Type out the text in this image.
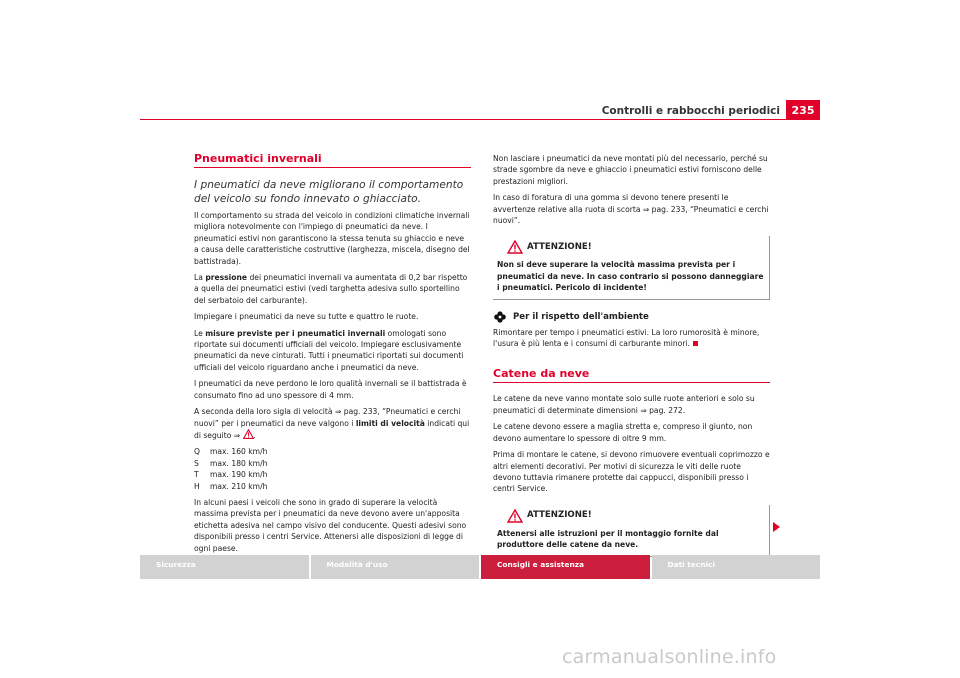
Controlli e rabbocchi periodici	235
Pneumatici invernali
I pneumatici da neve migliorano il comportamento del veicolo su fondo innevato o ghiacciato.

Il comportamento su strada del veicolo in condizioni climatiche invernali migliora notevolmente con l'impiego di pneumatici da neve. I pneumatici estivi non garantiscono la stessa tenuta su ghiaccio e neve a causa delle caratteristiche costruttive (larghezza, miscela, disegno del battistrada).

La pressione dei pneumatici invernali va aumentata di 0,2 bar rispetto a quella dei pneumatici estivi (vedi targhetta adesiva sullo sportellino del serbatoio del carburante).

Impiegare i pneumatici da neve su tutte e quattro le ruote.

Le misure previste per i pneumatici invernali omologati sono riportate sui documenti ufficiali del veicolo. Impiegare esclusivamente pneumatici da neve cinturati. Tutti i pneumatici riportati sui documenti ufficiali del veicolo riguardano anche i pneumatici da neve.

I pneumatici da neve perdono le loro qualità invernali se il battistrada è consumato fino ad uno spessore di 4 mm.

A seconda della loro sigla di velocità ⇒ pag. 233, “Pneumatici e cerchi nuovi” per i pneumatici da neve valgono i limiti di velocità indicati qui di seguito ⇒ .

Q	max. 160 km/h
S	max. 180 km/h
T	max. 190 km/h
H	max. 210 km/h

In alcuni paesi i veicoli che sono in grado di superare la velocità massima prevista per i pneumatici da neve devono avere un'apposita etichetta adesiva nel campo visivo del conducente. Questi adesivi sono disponibili presso i centri Service. Attenersi alle disposizioni di legge di ogni paese.

Non lasciare i pneumatici da neve montati più del necessario, perché su strade sgombre da neve e ghiaccio i pneumatici estivi forniscono delle prestazioni migliori.

In caso di foratura di una gomma si devono tenere presenti le avvertenze relative alla ruota di scorta ⇒ pag. 233, “Pneumatici e cerchi nuovi”.

ATTENZIONE!
Non si deve superare la velocità massima prevista per i pneumatici da neve. In caso contrario si possono danneggiare i pneumatici. Pericolo di incidente!
Per il rispetto dell'ambiente

Rimontare per tempo i pneumatici estivi. La loro rumorosità è minore, l'usura è più lenta e i consumi di carburante minori.

Catene da neve

Le catene da neve vanno montate solo sulle ruote anteriori e solo su pneumatici di determinate dimensioni ⇒ pag. 272.

Le catene devono essere a maglia stretta e, compreso il giunto, non devono aumentare lo spessore di oltre 9 mm.

Prima di montare le catene, si devono rimuovere eventuali coprimozzo e altri elementi decorativi. Per motivi di sicurezza le viti delle ruote devono tuttavia rimanere protette dai cappucci, disponibili presso i centri Service.

ATTENZIONE!
Attenersi alle istruzioni per il montaggio fornite dal produttore delle catene da neve.
Sicurezza	Modalità d'uso	Consigli e assistenza	Dati tecnici
carmanualsonline.info
